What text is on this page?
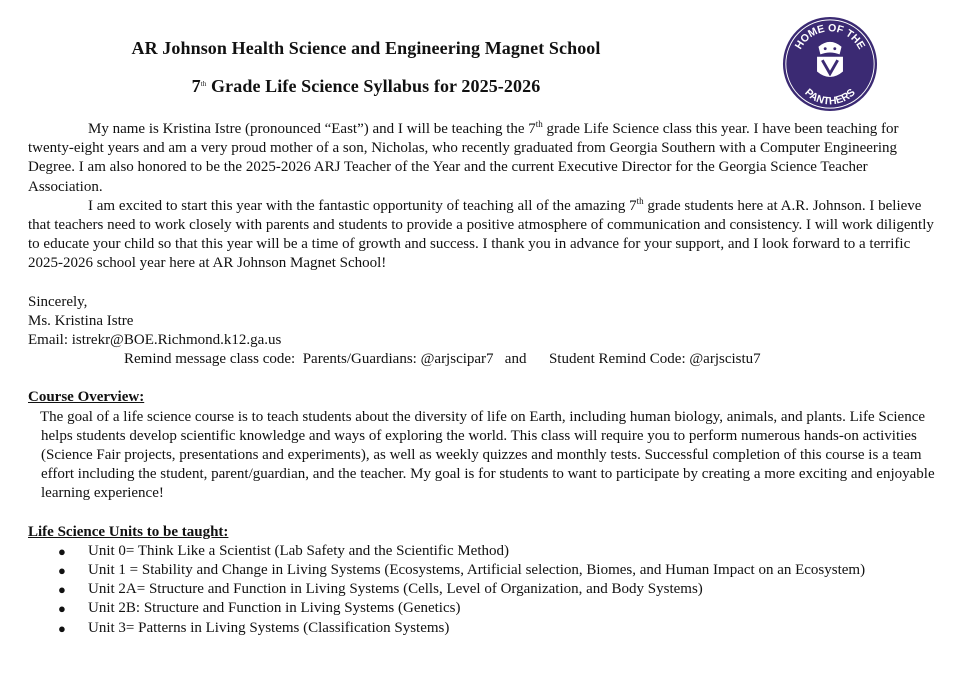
AR Johnson Health Science and Engineering Magnet School
7th Grade Life Science Syllabus for 2025-2026
HOME OF THE
PANTHERS

My name is Kristina Istre (pronounced “East”) and I will be teaching the 7th grade Life Science class this year. I have been teaching for twenty-eight years and am a very proud mother of a son, Nicholas, who recently graduated from Georgia Southern with a Computer Engineering Degree. I am also honored to be the 2025-2026 ARJ Teacher of the Year and the current Executive Director for the Georgia Science Teacher Association.

I am excited to start this year with the fantastic opportunity of teaching all of the amazing 7th grade students here at A.R. Johnson. I believe that teachers need to work closely with parents and students to provide a positive atmosphere of communication and consistency. I will work diligently to educate your child so that this year will be a time of growth and success. I thank you in advance for your support, and I look forward to a terrific 2025-2026 school year here at AR Johnson Magnet School!

Sincerely,

Ms. Kristina Istre

Email: istrekr@BOE.Richmond.k12.ga.us

Remind message class code:  Parents/Guardians: @arjscipar7   and      Student Remind Code: @arjscistu7

Course Overview:

The goal of a life science course is to teach students about the diversity of life on Earth, including human biology, animals, and plants. Life Science helps students develop scientific knowledge and ways of exploring the world. This class will require you to perform numerous hands-on activities (Science Fair projects, presentations and experiments), as well as weekly quizzes and monthly tests. Successful completion of this course is a team effort including the student, parent/guardian, and the teacher. My goal is for students to want to participate by creating a more exciting and enjoyable learning experience!

Life Science Units to be taught:

● Unit 0= Think Like a Scientist (Lab Safety and the Scientific Method)
● Unit 1 = Stability and Change in Living Systems (Ecosystems, Artificial selection, Biomes, and Human Impact on an Ecosystem)
● Unit 2A= Structure and Function in Living Systems (Cells, Level of Organization, and Body Systems)
● Unit 2B: Structure and Function in Living Systems (Genetics)
● Unit 3= Patterns in Living Systems (Classification Systems)
